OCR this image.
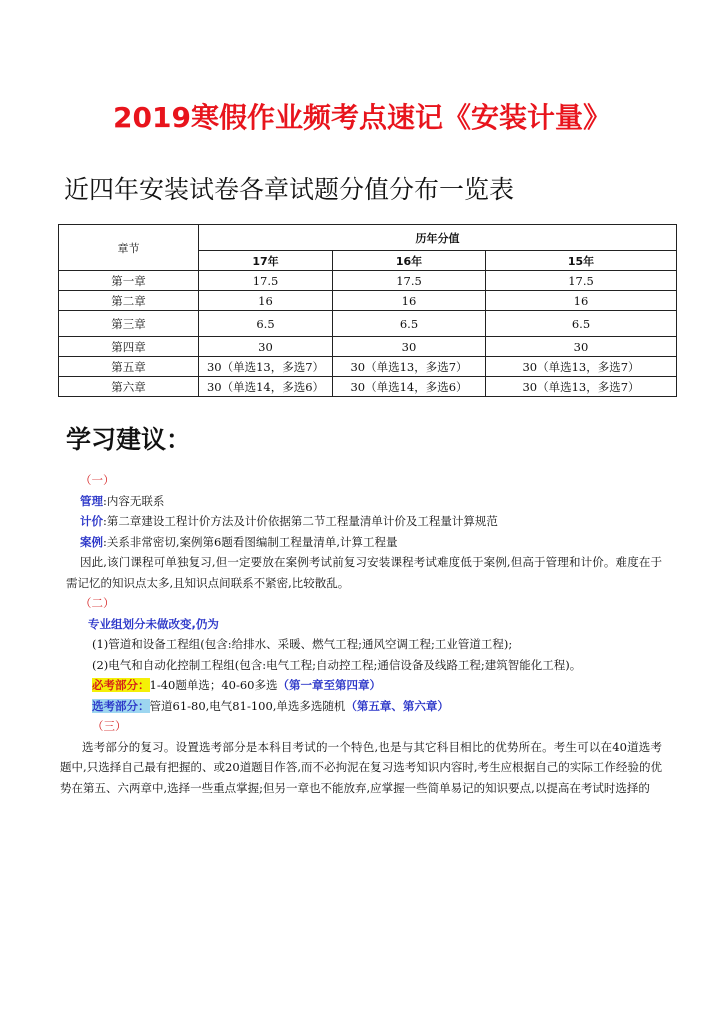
2019寒假作业频考点速记《安装计量》
近四年安装试卷各章试题分值分布一览表
章节	历年分值		
	17年	16年	15年
第一章	17.5	17.5	17.5
第二章	16	16	16
第三章	6.5	6.5	6.5
第四章	30	30	30
第五章	30（单选13，多选7）	30（单选13，多选7）	30（单选13，多选7）
第六章	30（单选14，多选6）	30（单选14，多选6）	30（单选13，多选7）
学习建议：

（一）

管理:内容无联系

计价:第二章建设工程计价方法及计价依据第二节工程量清单计价及工程量计算规范

案例:关系非常密切,案例第6题看图编制工程量清单,计算工程量

因此,该门课程可单独复习,但一定要放在案例考试前复习安装课程考试难度低于案例,但高于管理和计价。难度在于需记忆的知识点太多,且知识点间联系不紧密,比较散乱。

（二）

专业组划分未做改变,仍为

(1)管道和设备工程组(包含:给排水、采暖、燃气工程;通风空调工程;工业管道工程);

(2)电气和自动化控制工程组(包含:电气工程;自动控工程;通信设备及线路工程;建筑智能化工程)。

必考部分：1-40题单选；40-60多选（第一章至第四章）

选考部分：管道61-80,电气81-100,单选多选随机（第五章、第六章）

（三）

选考部分的复习。设置选考部分是本科目考试的一个特色,也是与其它科目相比的优势所在。考生可以在40道选考题中,只选择自己最有把握的、或20道题目作答,而不必拘泥在复习选考知识内容时,考生应根据自己的实际工作经验的优势在第五、六两章中,选择一些重点掌握;但另一章也不能放弃,应掌握一些简单易记的知识要点,以提高在考试时选择的
